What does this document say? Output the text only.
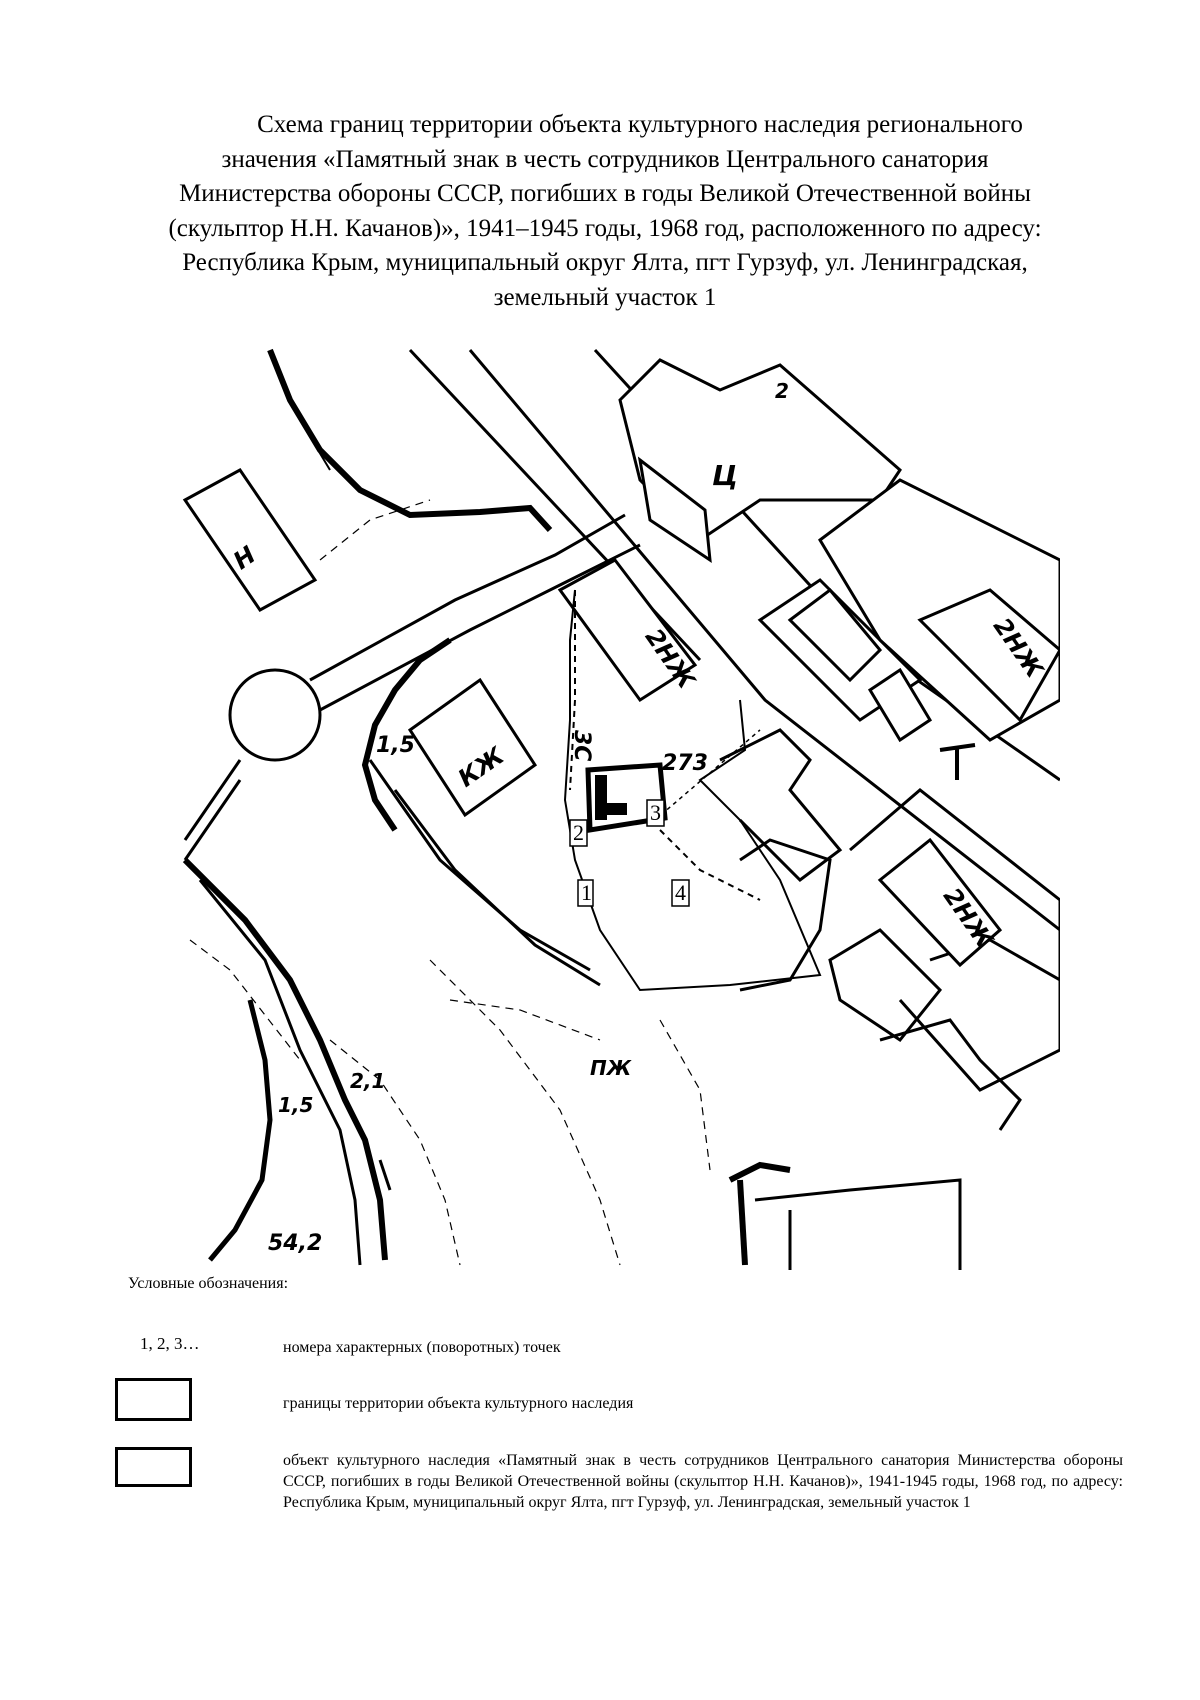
Схема границ территории объекта культурного наследия регионального

значения «Памятный знак в честь сотрудников Центрального санатория

Министерства обороны СССР, погибших в годы Великой Отечественной войны

(скульптор Н.Н. Качанов)», 1941–1945 годы, 1968 год, расположенного по адресу:

Республика Крым, муниципальный округ Ялта, пгт Гурзуф, ул. Ленинградская,

земельный участок 1

1
2
3
4
1,5	3С
273
2,1
1,5
54,2
ПЖ
2
Н
2НЖ
КЖ
2НЖ
2НЖ
Ц
Условные обозначения:
1, 2, 3…	номера характерных (поворотных) точек
границы территории объекта культурного наследия
объект культурного наследия «Памятный знак в честь сотрудников Центрального санатория Министерства обороны СССР, погибших в годы Великой Отечественной войны (скульптор Н.Н. Качанов)», 1941-1945 годы, 1968 год, по адресу: Республика Крым, муниципальный округ Ялта, пгт Гурзуф, ул. Ленинградская, земельный участок 1
